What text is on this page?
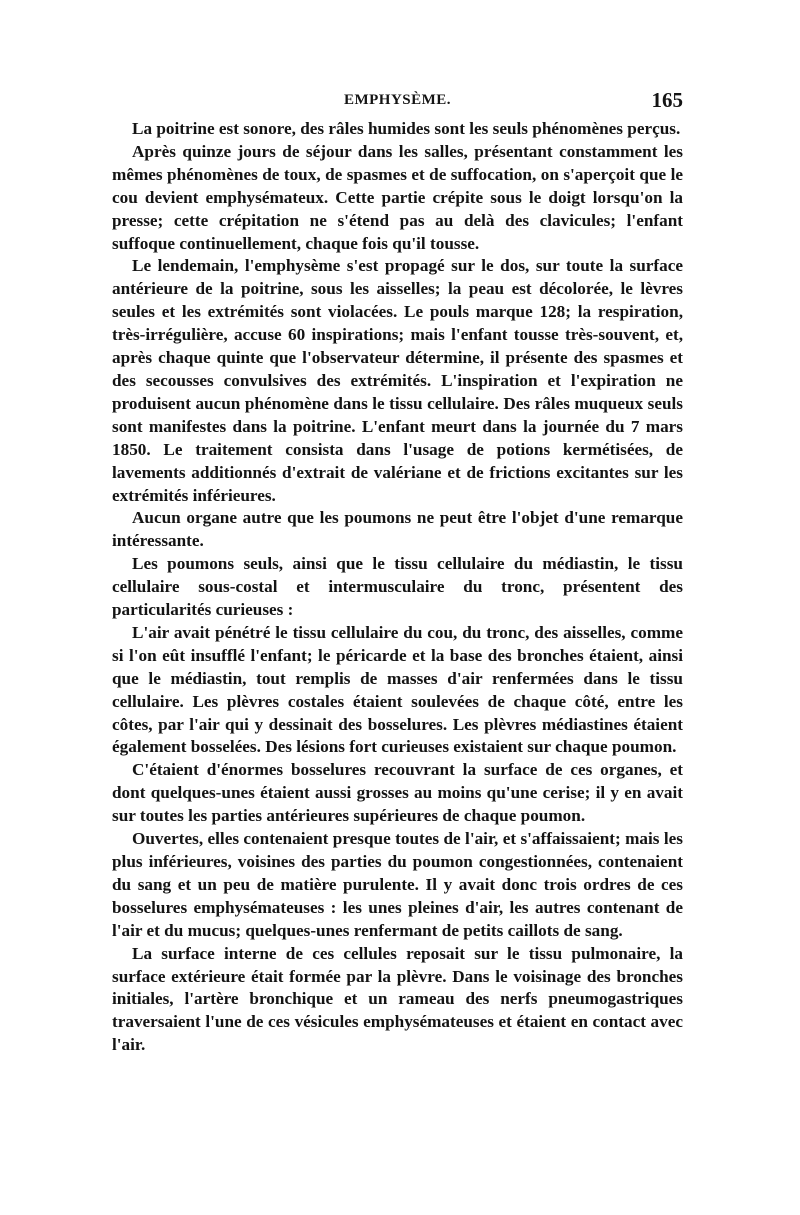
EMPHYSÈME.	165

La poitrine est sonore, des râles humides sont les seuls phénomènes perçus.

Après quinze jours de séjour dans les salles, présentant constamment les mêmes phénomènes de toux, de spasmes et de suffocation, on s'aperçoit que le cou devient emphysémateux. Cette partie crépite sous le doigt lorsqu'on la presse; cette crépitation ne s'étend pas au delà des clavicules; l'enfant suffoque continuellement, chaque fois qu'il tousse.

Le lendemain, l'emphysème s'est propagé sur le dos, sur toute la surface antérieure de la poitrine, sous les aisselles; la peau est décolorée, le lèvres seules et les extrémités sont violacées. Le pouls marque 128; la respiration, très-irrégulière, accuse 60 inspirations; mais l'enfant tousse très-souvent, et, après chaque quinte que l'observateur détermine, il présente des spasmes et des secousses convulsives des extrémités. L'inspiration et l'expiration ne produisent aucun phénomène dans le tissu cellulaire. Des râles muqueux seuls sont manifestes dans la poitrine. L'enfant meurt dans la journée du 7 mars 1850. Le traitement consista dans l'usage de potions kermétisées, de lavements additionnés d'extrait de valériane et de frictions excitantes sur les extrémités inférieures.

Aucun organe autre que les poumons ne peut être l'objet d'une remarque intéressante.

Les poumons seuls, ainsi que le tissu cellulaire du médiastin, le tissu cellulaire sous-costal et intermusculaire du tronc, présentent des particularités curieuses :

L'air avait pénétré le tissu cellulaire du cou, du tronc, des aisselles, comme si l'on eût insufflé l'enfant; le péricarde et la base des bronches étaient, ainsi que le médiastin, tout remplis de masses d'air renfermées dans le tissu cellulaire. Les plèvres costales étaient soulevées de chaque côté, entre les côtes, par l'air qui y dessinait des bosselures. Les plèvres médiastines étaient également bosselées. Des lésions fort curieuses existaient sur chaque poumon.

C'étaient d'énormes bosselures recouvrant la surface de ces organes, et dont quelques-unes étaient aussi grosses au moins qu'une cerise; il y en avait sur toutes les parties antérieures supérieures de chaque poumon.

Ouvertes, elles contenaient presque toutes de l'air, et s'affaissaient; mais les plus inférieures, voisines des parties du poumon congestionnées, contenaient du sang et un peu de matière purulente. Il y avait donc trois ordres de ces bosselures emphysémateuses : les unes pleines d'air, les autres contenant de l'air et du mucus; quelques-unes renfermant de petits caillots de sang.

La surface interne de ces cellules reposait sur le tissu pulmonaire, la surface extérieure était formée par la plèvre. Dans le voisinage des bronches initiales, l'artère bronchique et un rameau des nerfs pneumogastriques traversaient l'une de ces vésicules emphysémateuses et étaient en contact avec l'air.
